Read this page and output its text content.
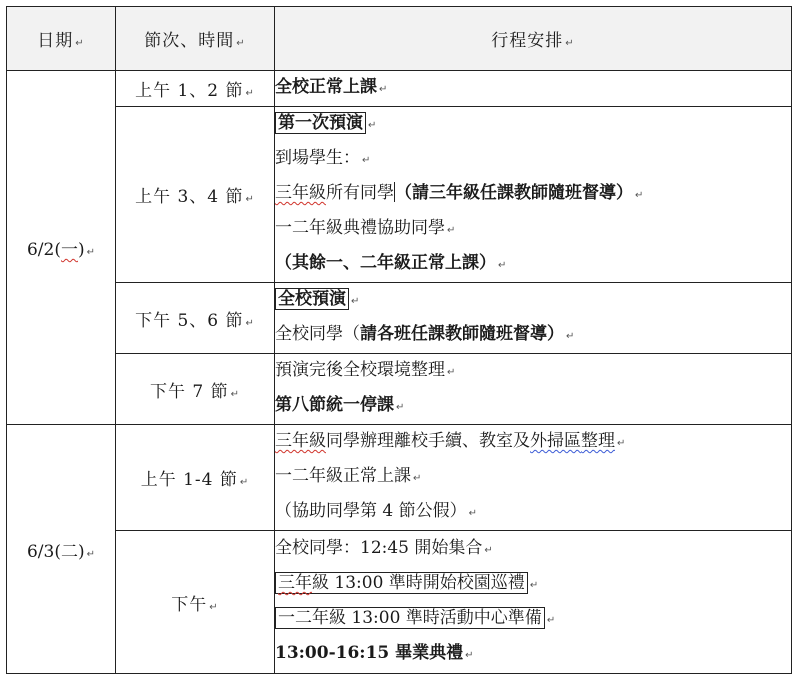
日期 ↵	節次、時間 ↵	行程安排 ↵
6/2(一) ↵	上午 1、2 節 ↵	全校正常上課 ↵

	上午 3、4 節 ↵	第一次預演 ↵
到場學生： ↵
三年級所有同學（請三年級任課教師隨班督導） ↵
一二年級典禮協助同學 ↵
（其餘一、二年級正常上課） ↵

	下午 5、6 節 ↵	全校預演 ↵
全校同學（請各班任課教師隨班督導） ↵

	下午 7 節 ↵	預演完後全校環境整理 ↵
第八節統一停課 ↵

6/3(二) ↵	上午 1-4 節 ↵	三年級同學辦理離校手續、教室及外掃區整理 ↵
一二年級正常上課 ↵
（協助同學第 4 節公假） ↵

	下午 ↵	全校同學：12:45 開始集合 ↵
三年級 13:00 準時開始校園巡禮 ↵
一二年級 13:00 準時活動中心準備 ↵
13:00-16:15 畢業典禮 ↵
